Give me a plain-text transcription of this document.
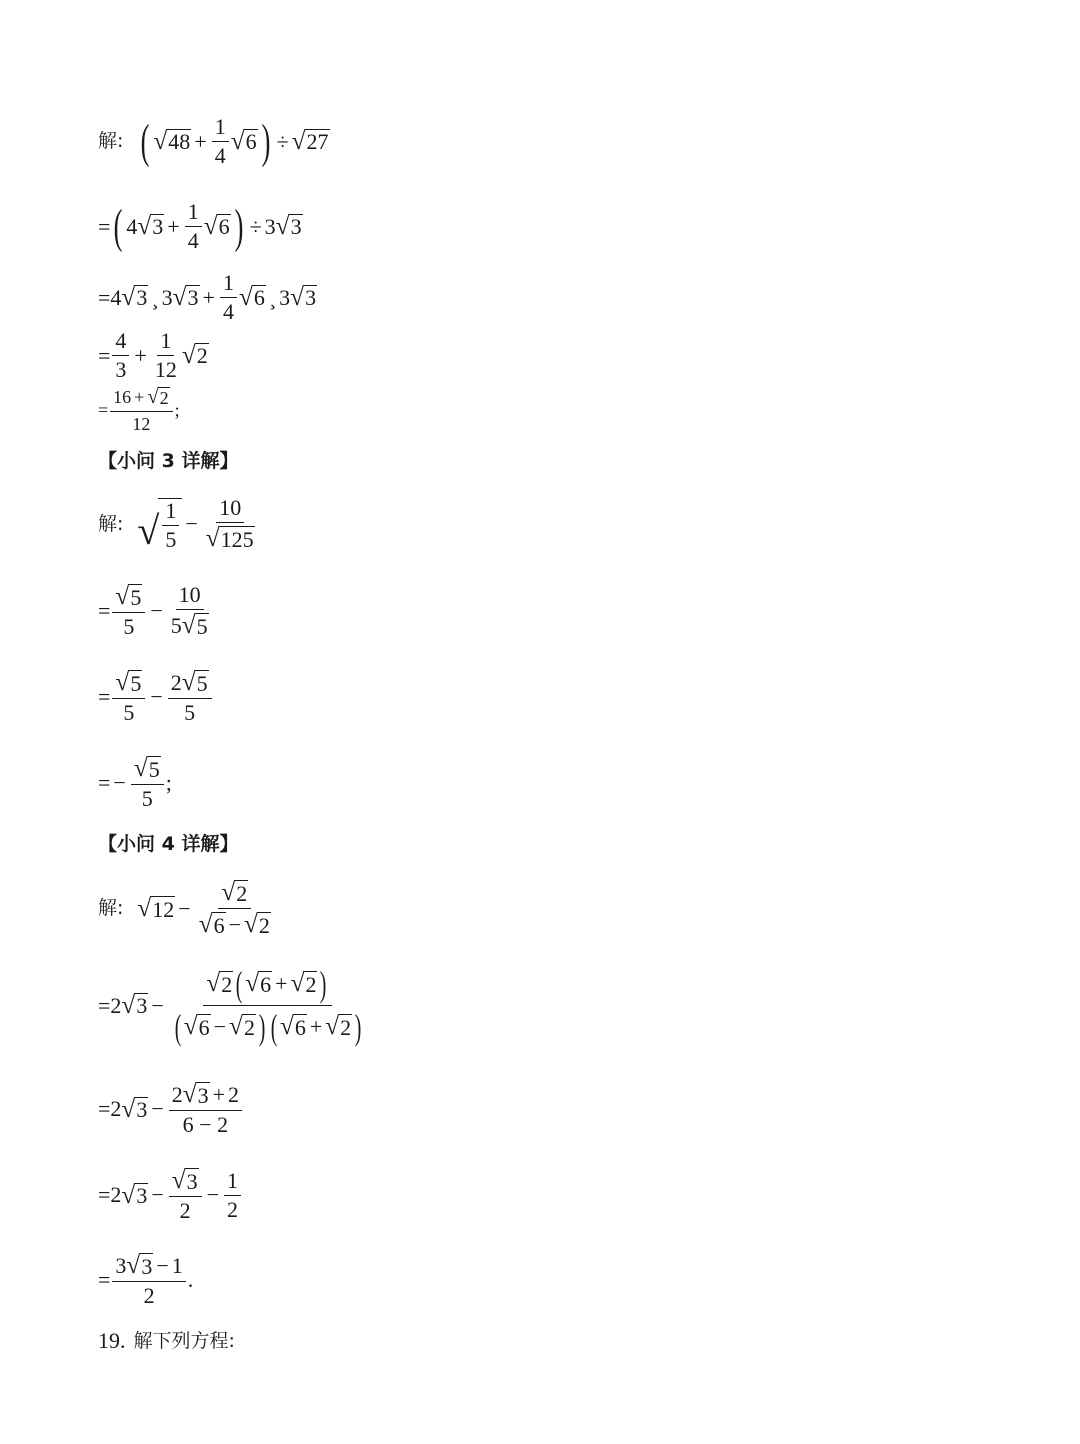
解: ( √ $48 + \frac{1}{4}$ √ 6 ) ÷ √ 27
= ( 4 √ $3 + \frac{1}{4}$ √ 6 ) ÷ 3 √ 3
= 4 √ 3 ¸ 3 √ $3 + \frac{1}{4}$ √ 6 ¸ 3 √ 3
= $\frac{4}{3} + \frac{1}{12}$ √ 2
= $\frac{16 + √ 2}{12}$ ;
【小问 3 详解】
解: √ $\frac{1}{5} - \frac{10}{√ 125}$
= $\frac{√ 5}{5} - \frac{10}{5 √ 5}$
= $\frac{√ 5}{5} - \frac{2 √ 5}{5}$
= − $\frac{√ 5}{5}$ ;
【小问 4 详解】
解: √ $12 - \frac{√ 2}{√ 6 - √ 2}$
= 2 √ 3 −
√ 2 ( √ 6 + √ 2 )
( √ 6 − √ 2 ) ( √ 6 + √ 2 )
= 2 √ $3 - \frac{2 √ 3 + 2}{6 - 2}$
= 2 √ $3 - \frac{√ 3}{2} - \frac{1}{2}$
= $\frac{3 √ 3 - 1}{2}$ .
19. 解下列方程:
